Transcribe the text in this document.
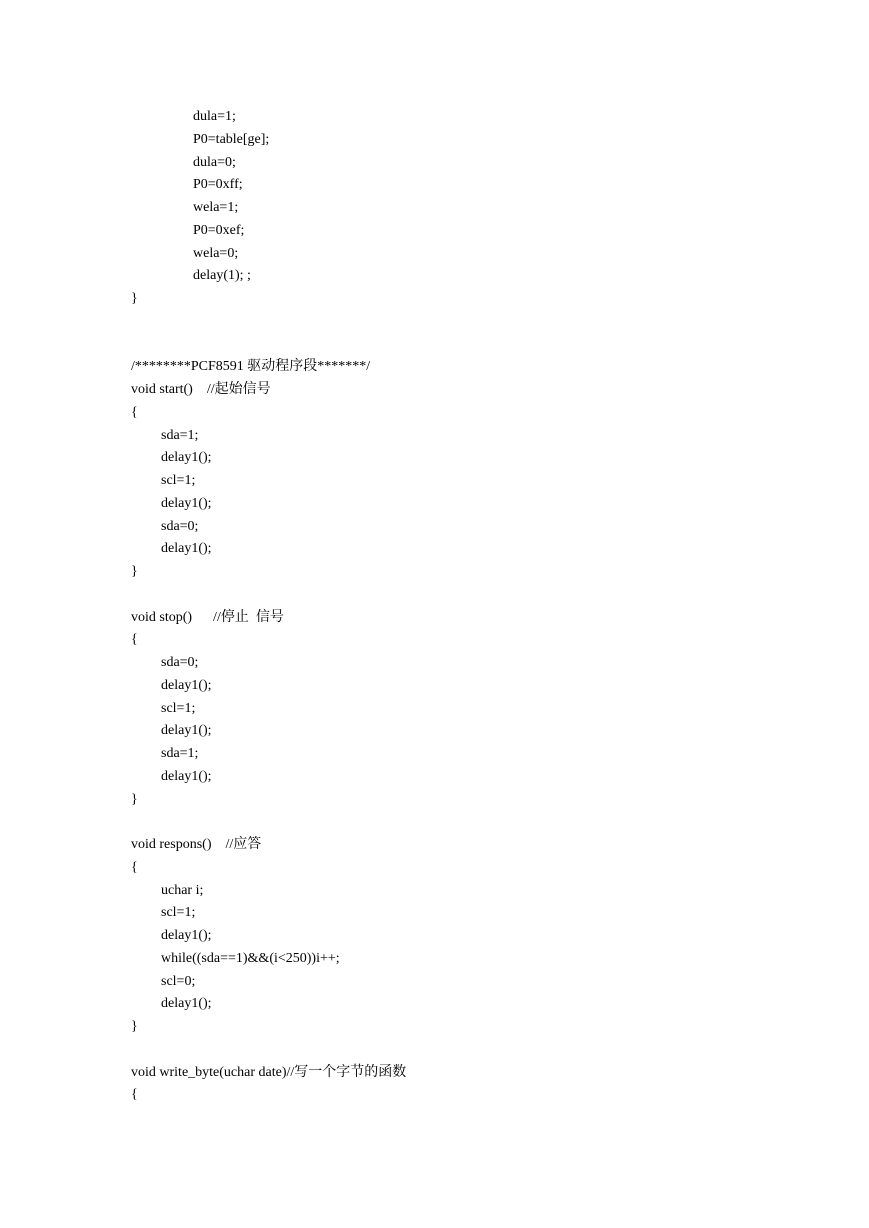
dula=1;
P0=table[ge];
dula=0;
P0=0xff;
wela=1;
P0=0xef;
wela=0;
delay(1); ;
}
/********PCF8591 驱动程序段*******/
void start()    //起始信号
{
sda=1;
delay1();
scl=1;
delay1();
sda=0;
delay1();
}
void stop()      //停止  信号
{
sda=0;
delay1();
scl=1;
delay1();
sda=1;
delay1();
}
void respons()    //应答
{
uchar i;
scl=1;
delay1();
while((sda==1)&&(i<250))i++;
scl=0;
delay1();
}
void write_byte(uchar date)//写一个字节的函数
{
